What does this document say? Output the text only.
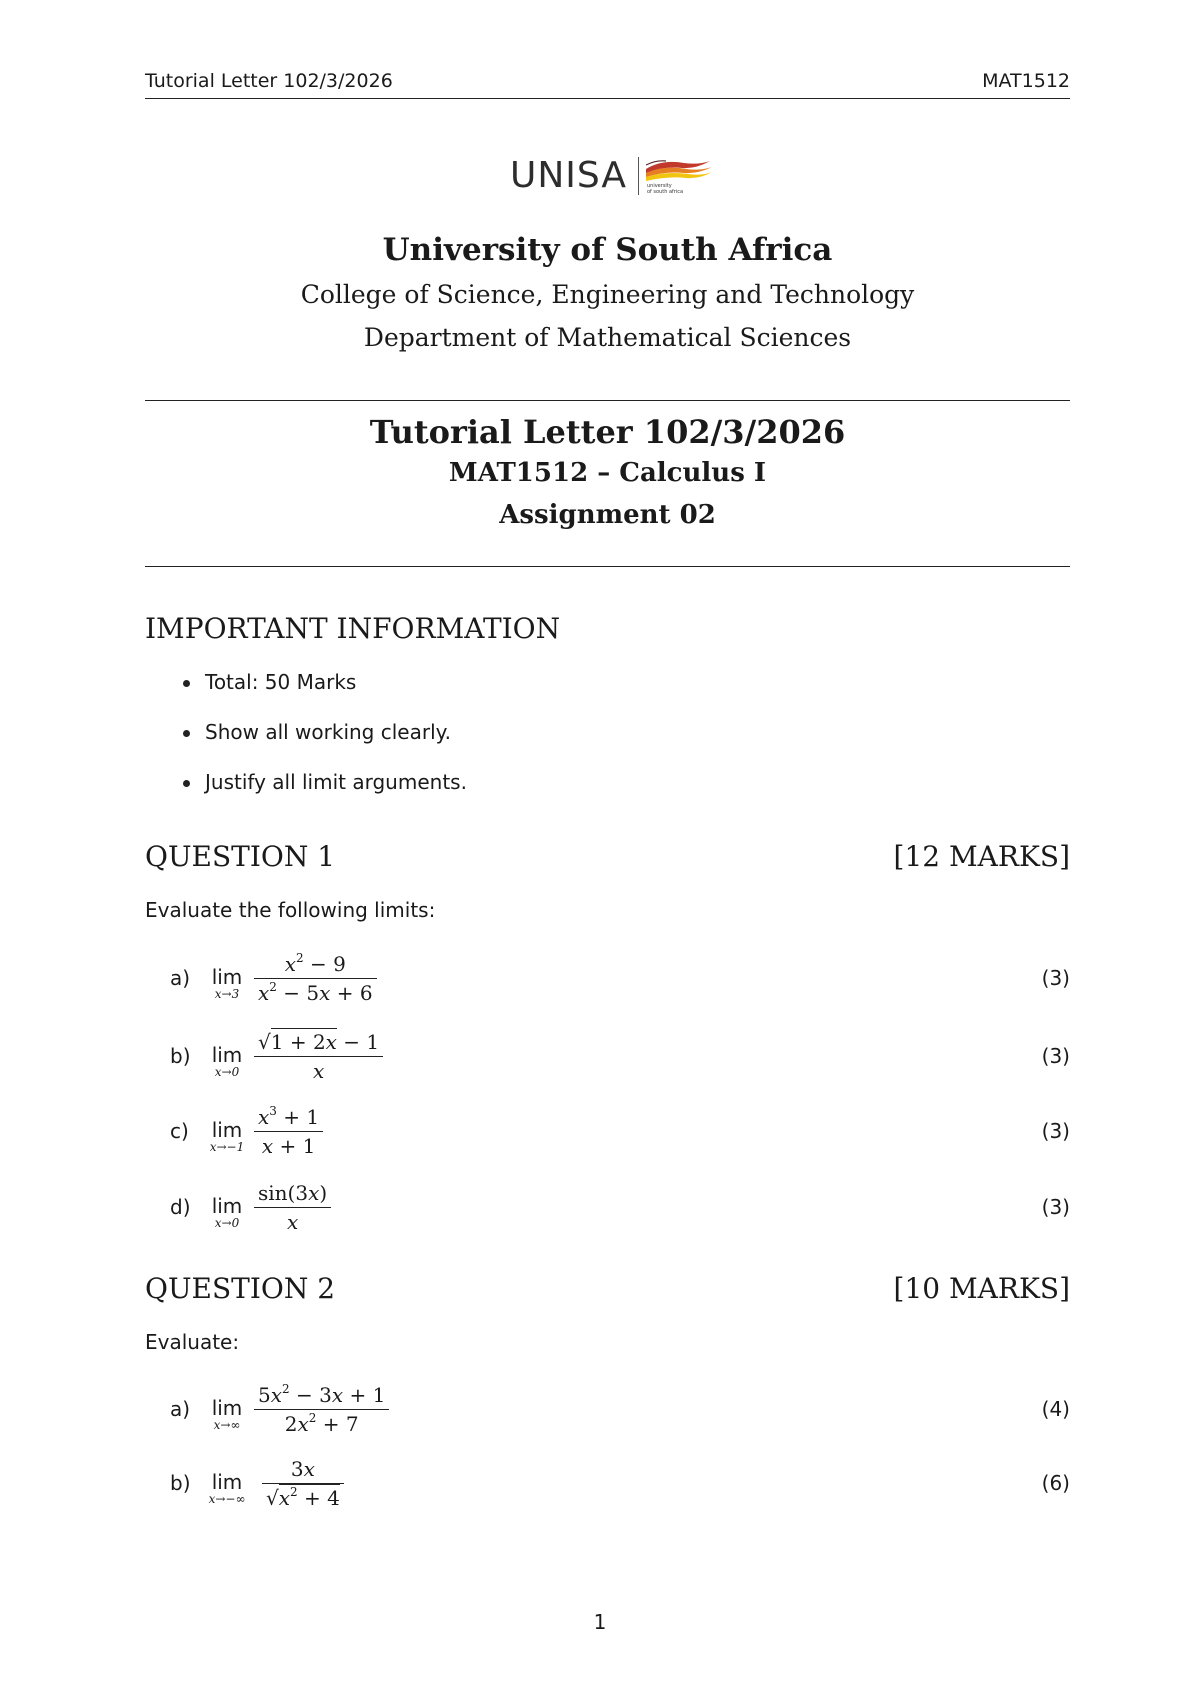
Tutorial Letter 102/3/2026	MAT1512
UNISA	university
of south africa
University of South Africa
College of Science, Engineering and Technology
Department of Mathematical Sciences
Tutorial Letter 102/3/2026
MAT1512 – Calculus I
Assignment 02
IMPORTANT INFORMATION
Total: 50 Marks
Show all working clearly.
Justify all limit arguments.
QUESTION 1	[12 MARKS]
Evaluate the following limits:
a)	lim
x→3
$x^2 - 9$
$x^2 - 5x + 6$
(3)
b)	lim
x→0
√1 + 2x − 1
x
(3)
c)	lim
x→−1
$x^3 + 1$
x + 1
(3)
d)	lim
x→0
sin(3x)
x
(3)
QUESTION 2	[10 MARKS]
Evaluate:
a)	lim
x→∞
$5x^2 - 3x + 1$
$2x^2 + 7$
(4)
b)	lim
x→−∞
3x
$√x^2 + 4$
(6)
1
